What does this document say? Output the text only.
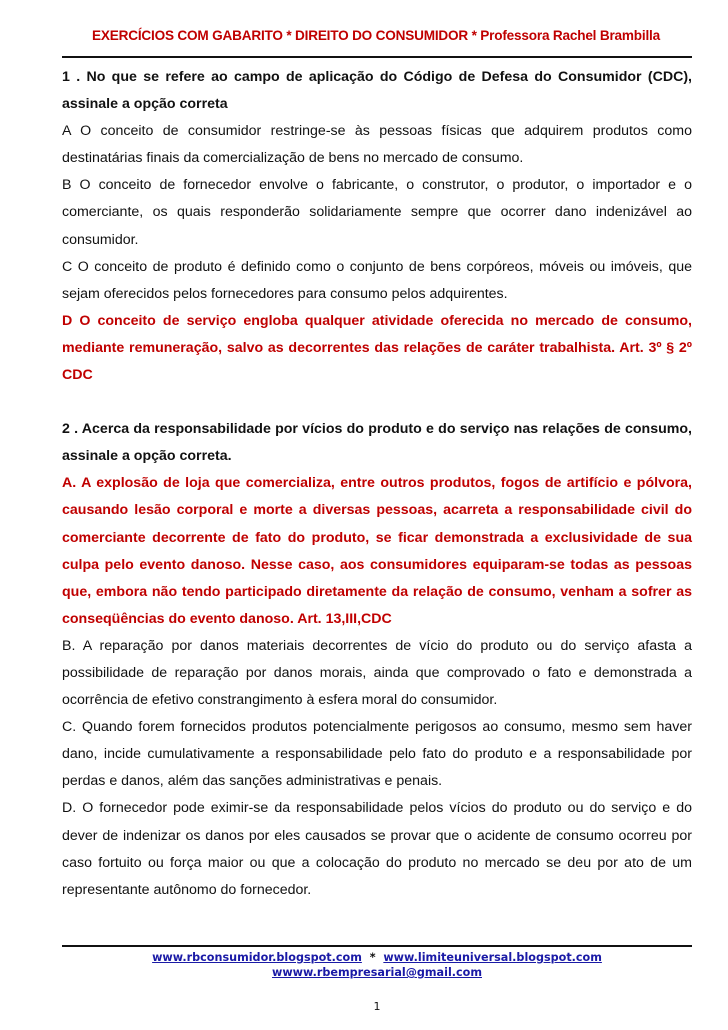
EXERCÍCIOS COM GABARITO * DIREITO DO CONSUMIDOR * Professora Rachel Brambilla

1 . No que se refere ao campo de aplicação do Código de Defesa do Consumidor (CDC), assinale a opção correta

A O conceito de consumidor restringe-se às pessoas físicas que adquirem produtos como destinatárias finais da comercialização de bens no mercado de consumo.

B O conceito de fornecedor envolve o fabricante, o construtor, o produtor, o importador e o comerciante, os quais responderão solidariamente sempre que ocorrer dano indenizável ao consumidor.

C O conceito de produto é definido como o conjunto de bens corpóreos, móveis ou imóveis, que sejam oferecidos pelos fornecedores para consumo pelos adquirentes.

D O conceito de serviço engloba qualquer atividade oferecida no mercado de consumo, mediante remuneração, salvo as decorrentes das relações de caráter trabalhista. Art. 3º § 2º CDC

2 . Acerca da responsabilidade por vícios do produto e do serviço nas relações de consumo, assinale a opção correta.

A. A explosão de loja que comercializa, entre outros produtos, fogos de artifício e pólvora, causando lesão corporal e morte a diversas pessoas, acarreta a responsabilidade civil do comerciante decorrente de fato do produto, se ficar demonstrada a exclusividade de sua culpa pelo evento danoso. Nesse caso, aos consumidores equiparam-se todas as pessoas que, embora não tendo participado diretamente da relação de consumo, venham a sofrer as conseqüências do evento danoso. Art. 13,III,CDC

B. A reparação por danos materiais decorrentes de vício do produto ou do serviço afasta a possibilidade de reparação por danos morais, ainda que comprovado o fato e demonstrada a ocorrência de efetivo constrangimento à esfera moral do consumidor.

C. Quando forem fornecidos produtos potencialmente perigosos ao consumo, mesmo sem haver dano, incide cumulativamente a responsabilidade pelo fato do produto e a responsabilidade por perdas e danos, além das sanções administrativas e penais.

D. O fornecedor pode eximir-se da responsabilidade pelos vícios do produto ou do serviço e do dever de indenizar os danos por eles causados se provar que o acidente de consumo ocorreu por caso fortuito ou força maior ou que a colocação do produto no mercado se deu por ato de um representante autônomo do fornecedor.

www.rbconsumidor.blogspot.com * www.limiteuniversal.blogspot.com
wwww.rbempresarial@gmail.com
1
